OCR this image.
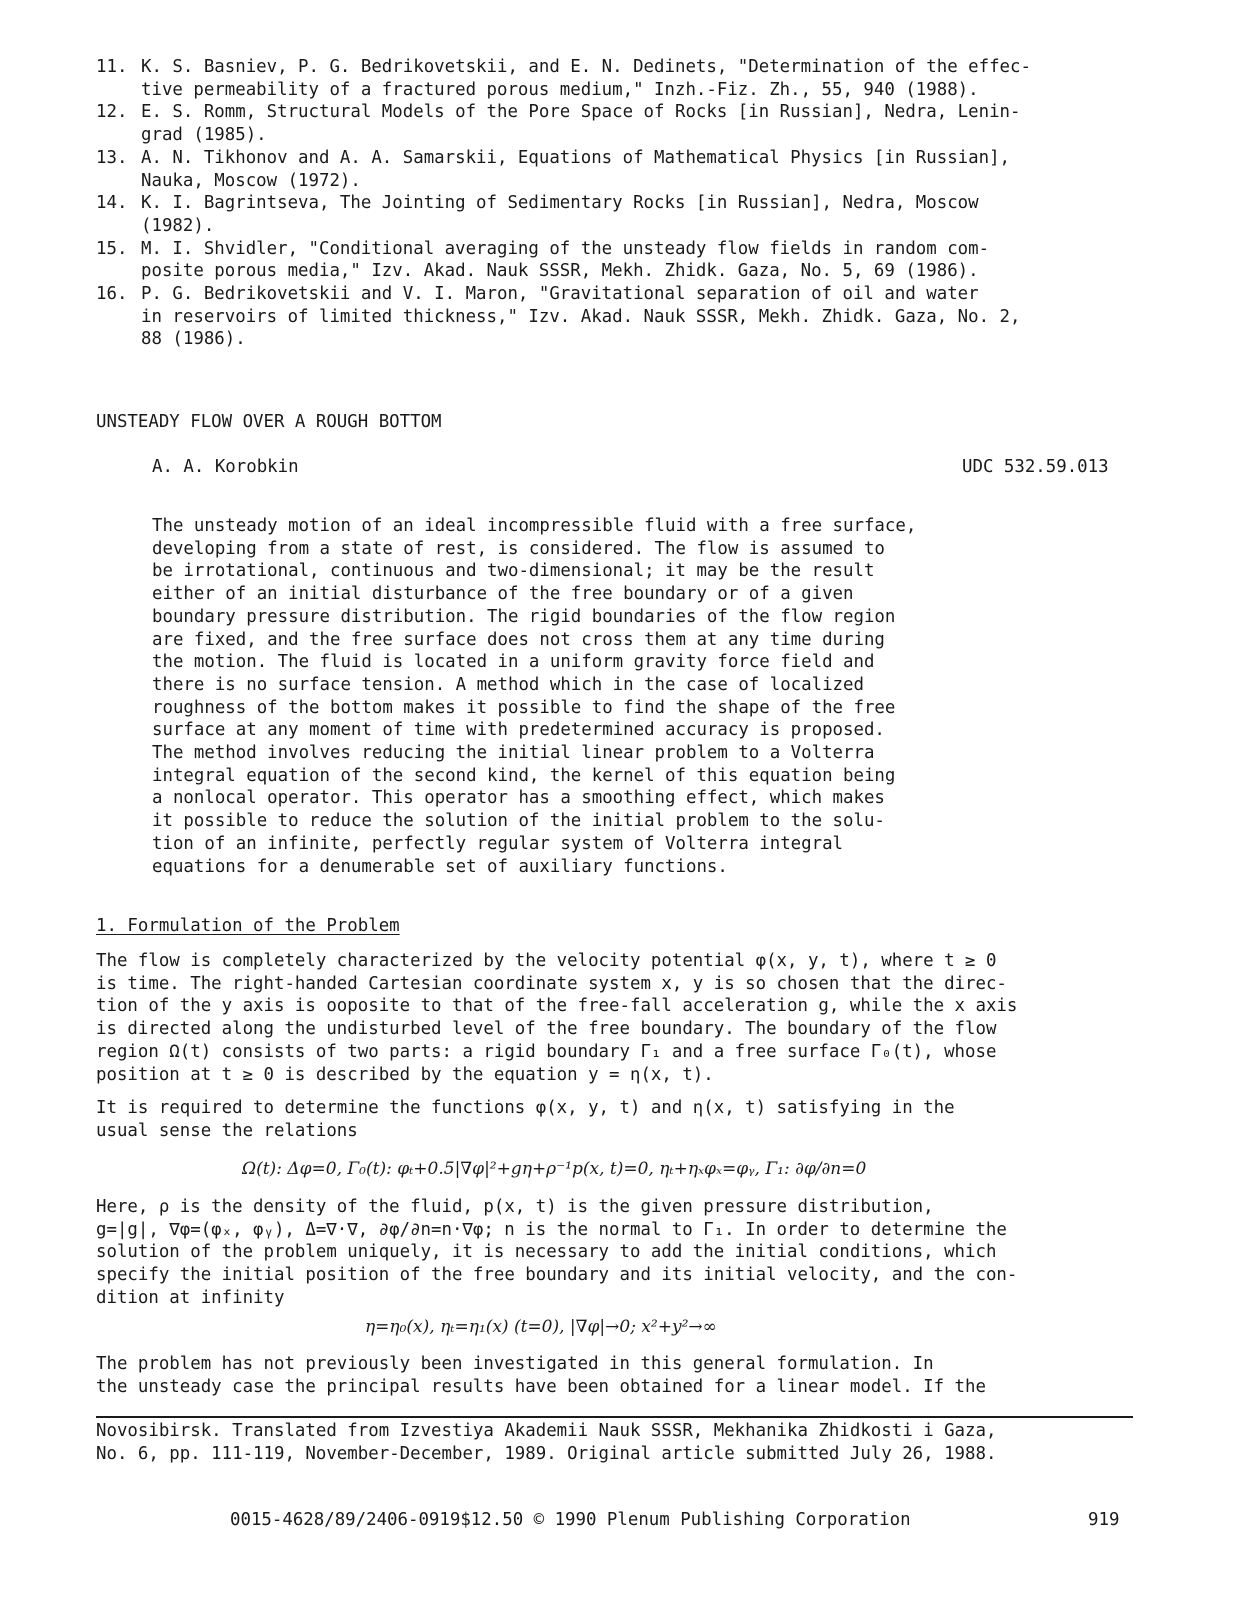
11. K. S. Basniev, P. G. Bedrikovetskii, and E. N. Dedinets, "Determination of the effec-
tive permeability of a fractured porous medium," Inzh.-Fiz. Zh., 55, 940 (1988).

12. E. S. Romm, Structural Models of the Pore Space of Rocks [in Russian], Nedra, Lenin-
grad (1985).

13. A. N. Tikhonov and A. A. Samarskii, Equations of Mathematical Physics [in Russian],
Nauka, Moscow (1972).

14. K. I. Bagrintseva, The Jointing of Sedimentary Rocks [in Russian], Nedra, Moscow
(1982).

15. M. I. Shvidler, "Conditional averaging of the unsteady flow fields in random com-
posite porous media," Izv. Akad. Nauk SSSR, Mekh. Zhidk. Gaza, No. 5, 69 (1986).

16. P. G. Bedrikovetskii and V. I. Maron, "Gravitational separation of oil and water
in reservoirs of limited thickness," Izv. Akad. Nauk SSSR, Mekh. Zhidk. Gaza, No. 2,
88 (1986).

UNSTEADY FLOW OVER A ROUGH BOTTOM
A. A. Korobkin	UDC 532.59.013
The unsteady motion of an ideal incompressible fluid with a free surface,
developing from a state of rest, is considered. The flow is assumed to
be irrotational, continuous and two-dimensional; it may be the result
either of an initial disturbance of the free boundary or of a given
boundary pressure distribution. The rigid boundaries of the flow region
are fixed, and the free surface does not cross them at any time during
the motion. The fluid is located in a uniform gravity force field and
there is no surface tension. A method which in the case of localized
roughness of the bottom makes it possible to find the shape of the free
surface at any moment of time with predetermined accuracy is proposed.
The method involves reducing the initial linear problem to a Volterra
integral equation of the second kind, the kernel of this equation being
a nonlocal operator. This operator has a smoothing effect, which makes
it possible to reduce the solution of the initial problem to the solu-
tion of an infinite, perfectly regular system of Volterra integral
equations for a denumerable set of auxiliary functions.
1. Formulation of the Problem
The flow is completely characterized by the velocity potential φ(x, y, t), where t ≥ 0
is time. The right-handed Cartesian coordinate system x, y is so chosen that the direc-
tion of the y axis is ooposite to that of the free-fall acceleration g, while the x axis
is directed along the undisturbed level of the free boundary. The boundary of the flow
region Ω(t) consists of two parts: a rigid boundary Γ₁ and a free surface Γ₀(t), whose
position at t ≥ 0 is described by the equation y = η(x, t).
It is required to determine the functions φ(x, y, t) and η(x, t) satisfying in the
usual sense the relations
Ω(t): Δφ=0, Γ₀(t): φₜ+0.5|∇φ|²+gη+ρ⁻¹p(x, t)=0, ηₜ+ηₓφₓ=φᵧ, Γ₁: ∂φ/∂n=0
Here, ρ is the density of the fluid, p(x, t) is the given pressure distribution,
g=|g|, ∇φ=(φₓ, φᵧ), Δ=∇·∇, ∂φ/∂n=n·∇φ; n is the normal to Γ₁. In order to determine the
solution of the problem uniquely, it is necessary to add the initial conditions, which
specify the initial position of the free boundary and its initial velocity, and the con-
dition at infinity
η=η₀(x), ηₜ=η₁(x) (t=0), |∇φ|→0; x²+y²→∞
The problem has not previously been investigated in this general formulation. In
the unsteady case the principal results have been obtained for a linear model. If the
Novosibirsk. Translated from Izvestiya Akademii Nauk SSSR, Mekhanika Zhidkosti i Gaza,
No. 6, pp. 111-119, November-December, 1989. Original article submitted July 26, 1988.
0015-4628/89/2406-0919$12.50 © 1990 Plenum Publishing Corporation	919
